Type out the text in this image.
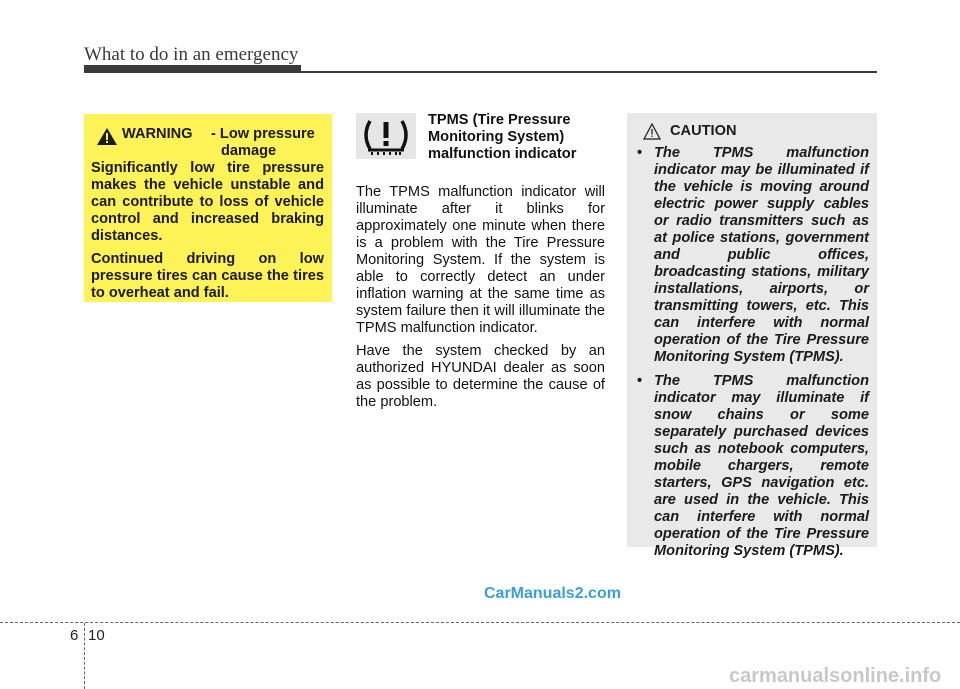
What to do in an emergency
WARNING - Low pressure
damage

Significantly low tire pressure makes the vehicle unstable and can contribute to loss of vehicle control and increased braking distances.

Continued driving on low pressure tires can cause the tires to overheat and fail.

TPMS (Tire Pressure
Monitoring System)
malfunction indicator

The TPMS malfunction indicator will illuminate after it blinks for approximately one minute when there is a problem with the Tire Pressure Monitoring System. If the system is able to correctly detect an under inflation warning at the same time as system failure then it will illuminate the TPMS malfunction indicator.

Have the system checked by an authorized HYUNDAI dealer as soon as possible to determine the cause of the problem.

CAUTION
• The TPMS malfunction indicator may be illuminated if the vehicle is moving around electric power supply cables or radio transmitters such as at police stations, government and public offices, broadcasting stations, military installations, airports, or transmitting towers, etc. This can interfere with normal operation of the Tire Pressure Monitoring System (TPMS).
• The TPMS malfunction indicator may illuminate if snow chains or some separately purchased devices such as notebook computers, mobile chargers, remote starters, GPS navigation etc. are used in the vehicle. This can interfere with normal operation of the Tire Pressure Monitoring System (TPMS).
CarManuals2.com
6 10
carmanualsonline.info
